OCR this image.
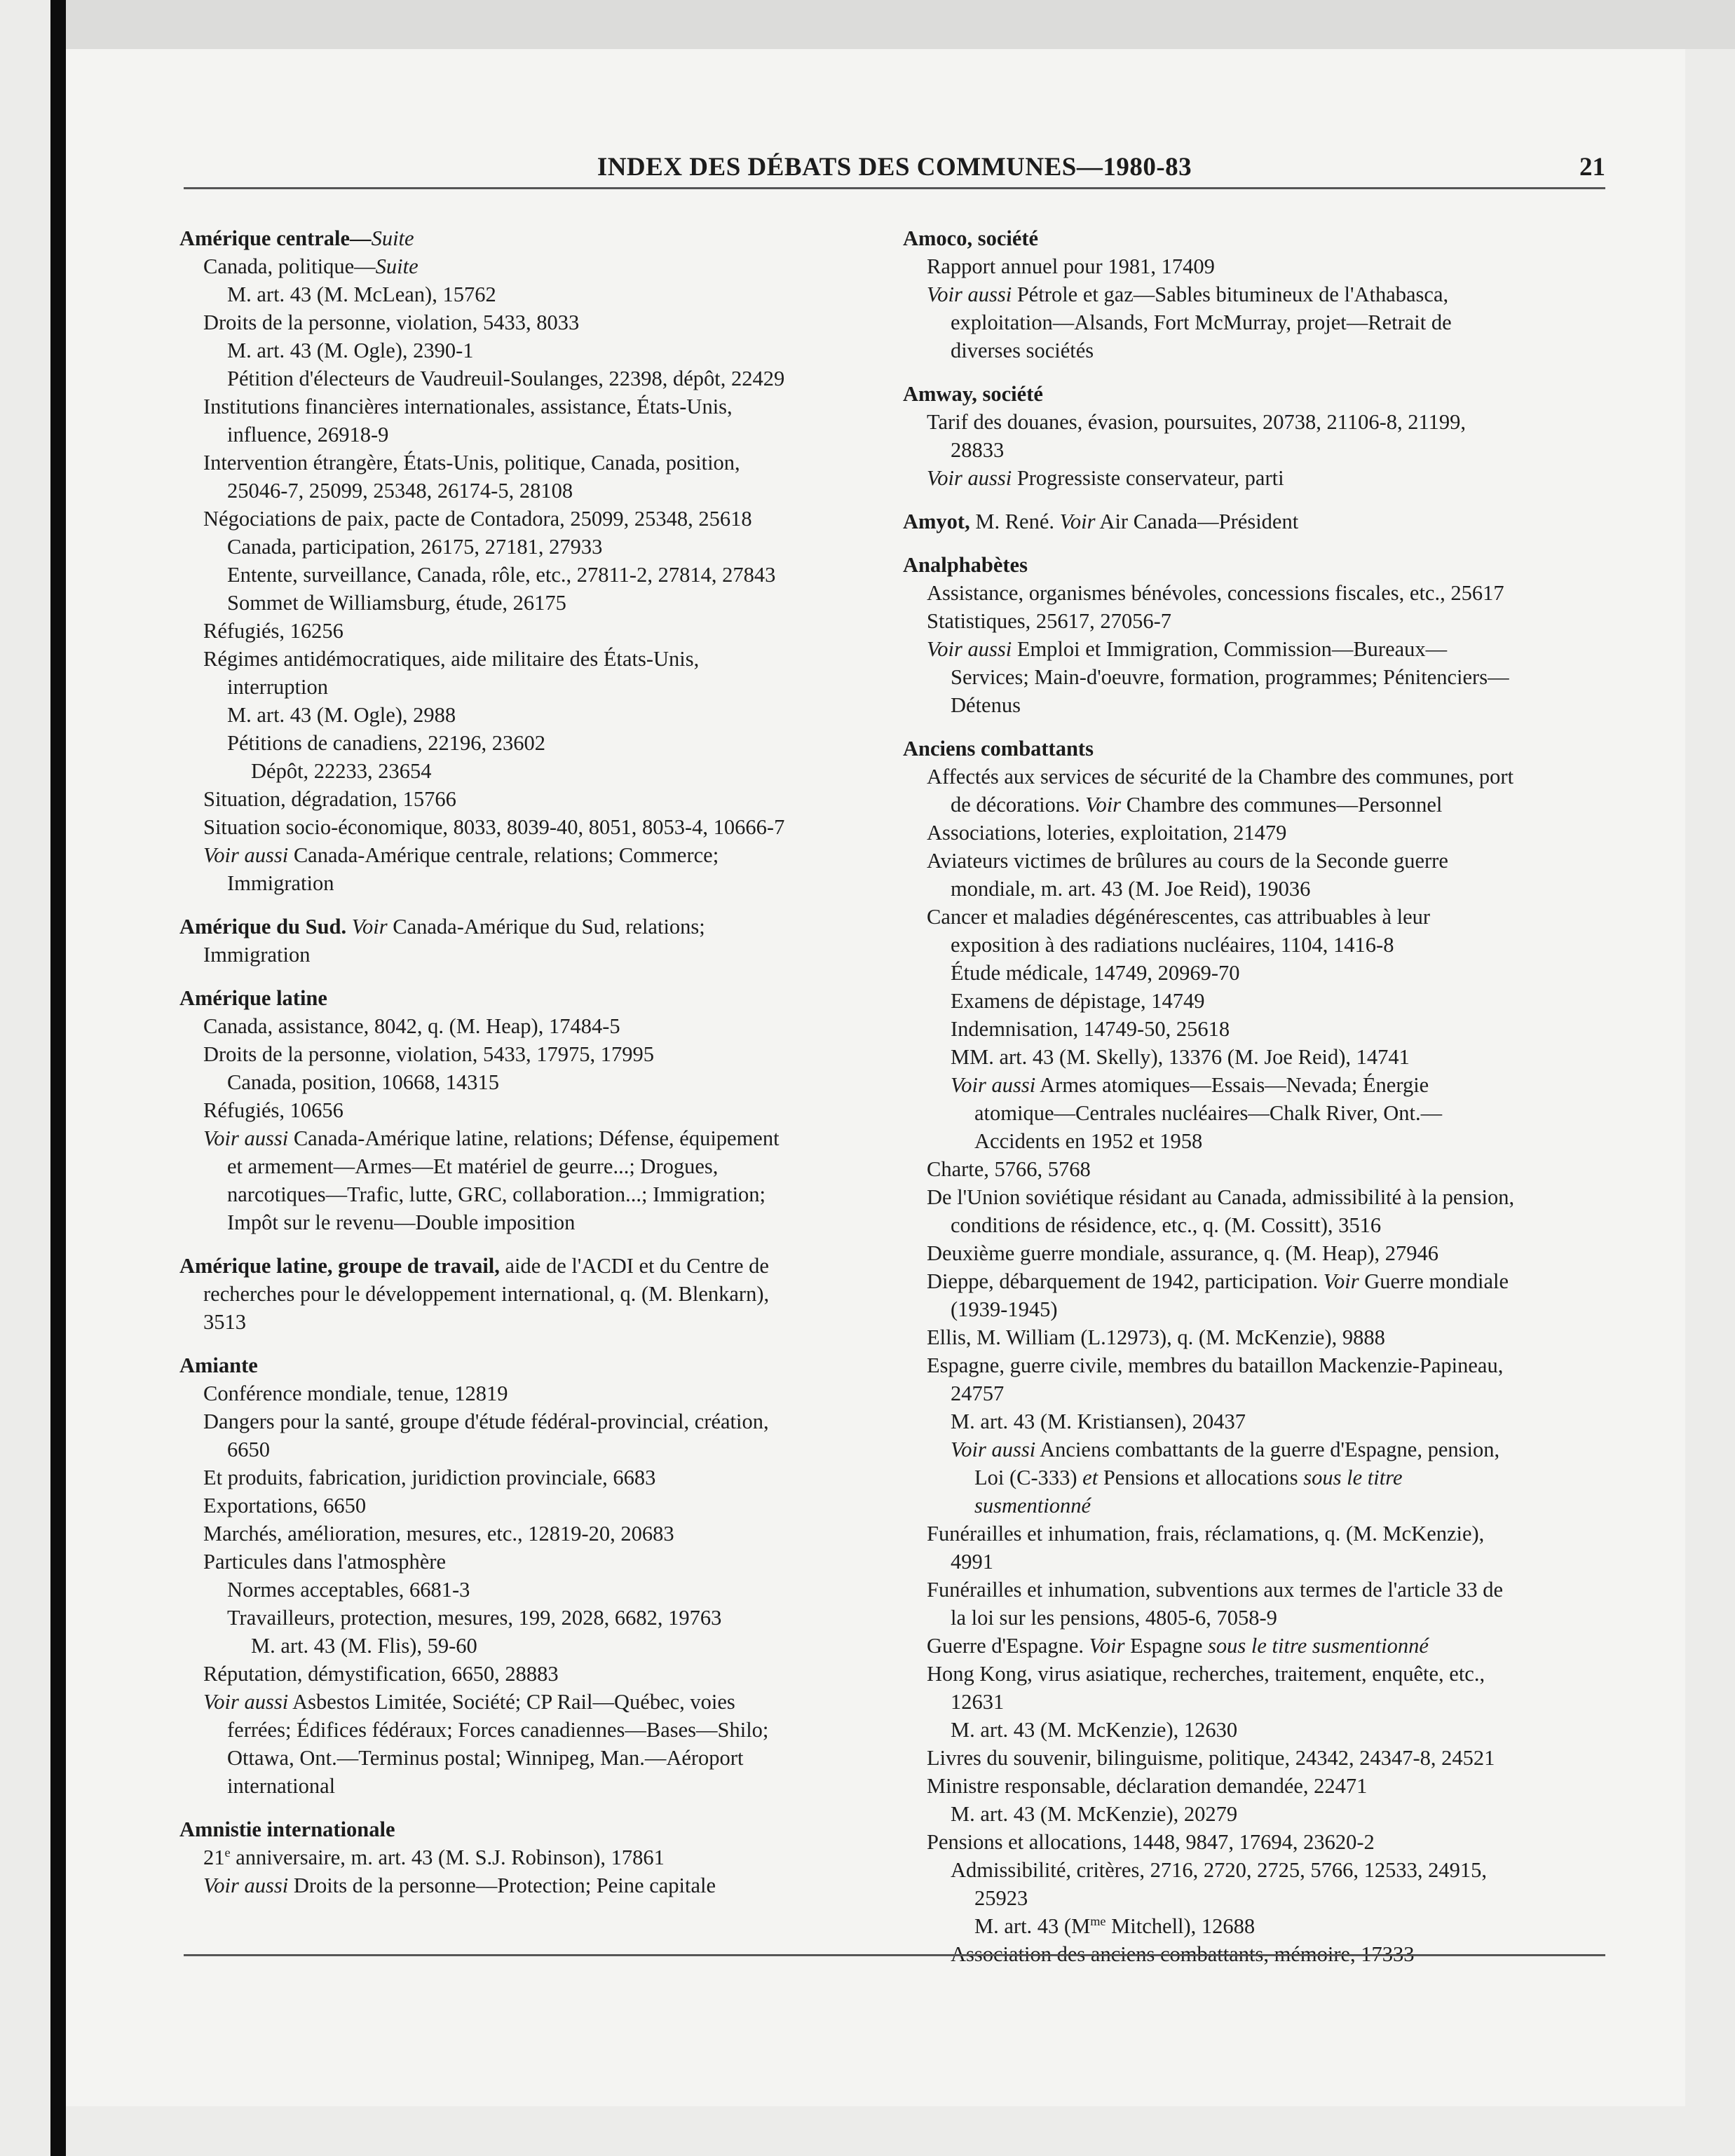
INDEX DES DÉBATS DES COMMUNES—1980-83	21
Amérique centrale—Suite
Canada, politique—Suite
M. art. 43 (M. McLean), 15762
Droits de la personne, violation, 5433, 8033
M. art. 43 (M. Ogle), 2390-1
Pétition d'électeurs de Vaudreuil-Soulanges, 22398, dépôt, 22429
Institutions financières internationales, assistance, États-Unis,
influence, 26918-9
Intervention étrangère, États-Unis, politique, Canada, position,
25046-7, 25099, 25348, 26174-5, 28108
Négociations de paix, pacte de Contadora, 25099, 25348, 25618
Canada, participation, 26175, 27181, 27933
Entente, surveillance, Canada, rôle, etc., 27811-2, 27814, 27843
Sommet de Williamsburg, étude, 26175
Réfugiés, 16256
Régimes antidémocratiques, aide militaire des États-Unis,
interruption
M. art. 43 (M. Ogle), 2988
Pétitions de canadiens, 22196, 23602
Dépôt, 22233, 23654
Situation, dégradation, 15766
Situation socio-économique, 8033, 8039-40, 8051, 8053-4, 10666-7
Voir aussi Canada-Amérique centrale, relations; Commerce;
Immigration
Amérique du Sud. Voir Canada-Amérique du Sud, relations;
Immigration
Amérique latine
Canada, assistance, 8042, q. (M. Heap), 17484-5
Droits de la personne, violation, 5433, 17975, 17995
Canada, position, 10668, 14315
Réfugiés, 10656
Voir aussi Canada-Amérique latine, relations; Défense, équipement
et armement—Armes—Et matériel de geurre...; Drogues,
narcotiques—Trafic, lutte, GRC, collaboration...; Immigration;
Impôt sur le revenu—Double imposition
Amérique latine, groupe de travail, aide de l'ACDI et du Centre de
recherches pour le développement international, q. (M. Blenkarn),
3513
Amiante
Conférence mondiale, tenue, 12819
Dangers pour la santé, groupe d'étude fédéral-provincial, création,
6650
Et produits, fabrication, juridiction provinciale, 6683
Exportations, 6650
Marchés, amélioration, mesures, etc., 12819-20, 20683
Particules dans l'atmosphère
Normes acceptables, 6681-3
Travailleurs, protection, mesures, 199, 2028, 6682, 19763
M. art. 43 (M. Flis), 59-60
Réputation, démystification, 6650, 28883
Voir aussi Asbestos Limitée, Société; CP Rail—Québec, voies
ferrées; Édifices fédéraux; Forces canadiennes—Bases—Shilo;
Ottawa, Ont.—Terminus postal; Winnipeg, Man.—Aéroport
international
Amnistie internationale
21e anniversaire, m. art. 43 (M. S.J. Robinson), 17861
Voir aussi Droits de la personne—Protection; Peine capitale
Amoco, société
Rapport annuel pour 1981, 17409
Voir aussi Pétrole et gaz—Sables bitumineux de l'Athabasca,
exploitation—Alsands, Fort McMurray, projet—Retrait de
diverses sociétés
Amway, société
Tarif des douanes, évasion, poursuites, 20738, 21106-8, 21199,
28833
Voir aussi Progressiste conservateur, parti
Amyot, M. René. Voir Air Canada—Président
Analphabètes
Assistance, organismes bénévoles, concessions fiscales, etc., 25617
Statistiques, 25617, 27056-7
Voir aussi Emploi et Immigration, Commission—Bureaux—
Services; Main-d'oeuvre, formation, programmes; Pénitenciers—
Détenus
Anciens combattants
Affectés aux services de sécurité de la Chambre des communes, port
de décorations. Voir Chambre des communes—Personnel
Associations, loteries, exploitation, 21479
Aviateurs victimes de brûlures au cours de la Seconde guerre
mondiale, m. art. 43 (M. Joe Reid), 19036
Cancer et maladies dégénérescentes, cas attribuables à leur
exposition à des radiations nucléaires, 1104, 1416-8
Étude médicale, 14749, 20969-70
Examens de dépistage, 14749
Indemnisation, 14749-50, 25618
MM. art. 43 (M. Skelly), 13376 (M. Joe Reid), 14741
Voir aussi Armes atomiques—Essais—Nevada; Énergie
atomique—Centrales nucléaires—Chalk River, Ont.—
Accidents en 1952 et 1958
Charte, 5766, 5768
De l'Union soviétique résidant au Canada, admissibilité à la pension,
conditions de résidence, etc., q. (M. Cossitt), 3516
Deuxième guerre mondiale, assurance, q. (M. Heap), 27946
Dieppe, débarquement de 1942, participation. Voir Guerre mondiale
(1939-1945)
Ellis, M. William (L.12973), q. (M. McKenzie), 9888
Espagne, guerre civile, membres du bataillon Mackenzie-Papineau,
24757
M. art. 43 (M. Kristiansen), 20437
Voir aussi Anciens combattants de la guerre d'Espagne, pension,
Loi (C-333) et Pensions et allocations sous le titre
susmentionné
Funérailles et inhumation, frais, réclamations, q. (M. McKenzie),
4991
Funérailles et inhumation, subventions aux termes de l'article 33 de
la loi sur les pensions, 4805-6, 7058-9
Guerre d'Espagne. Voir Espagne sous le titre susmentionné
Hong Kong, virus asiatique, recherches, traitement, enquête, etc.,
12631
M. art. 43 (M. McKenzie), 12630
Livres du souvenir, bilinguisme, politique, 24342, 24347-8, 24521
Ministre responsable, déclaration demandée, 22471
M. art. 43 (M. McKenzie), 20279
Pensions et allocations, 1448, 9847, 17694, 23620-2
Admissibilité, critères, 2716, 2720, 2725, 5766, 12533, 24915,
25923
M. art. 43 ($M^{me}$ Mitchell), 12688
Association des anciens combattants, mémoire, 17333
